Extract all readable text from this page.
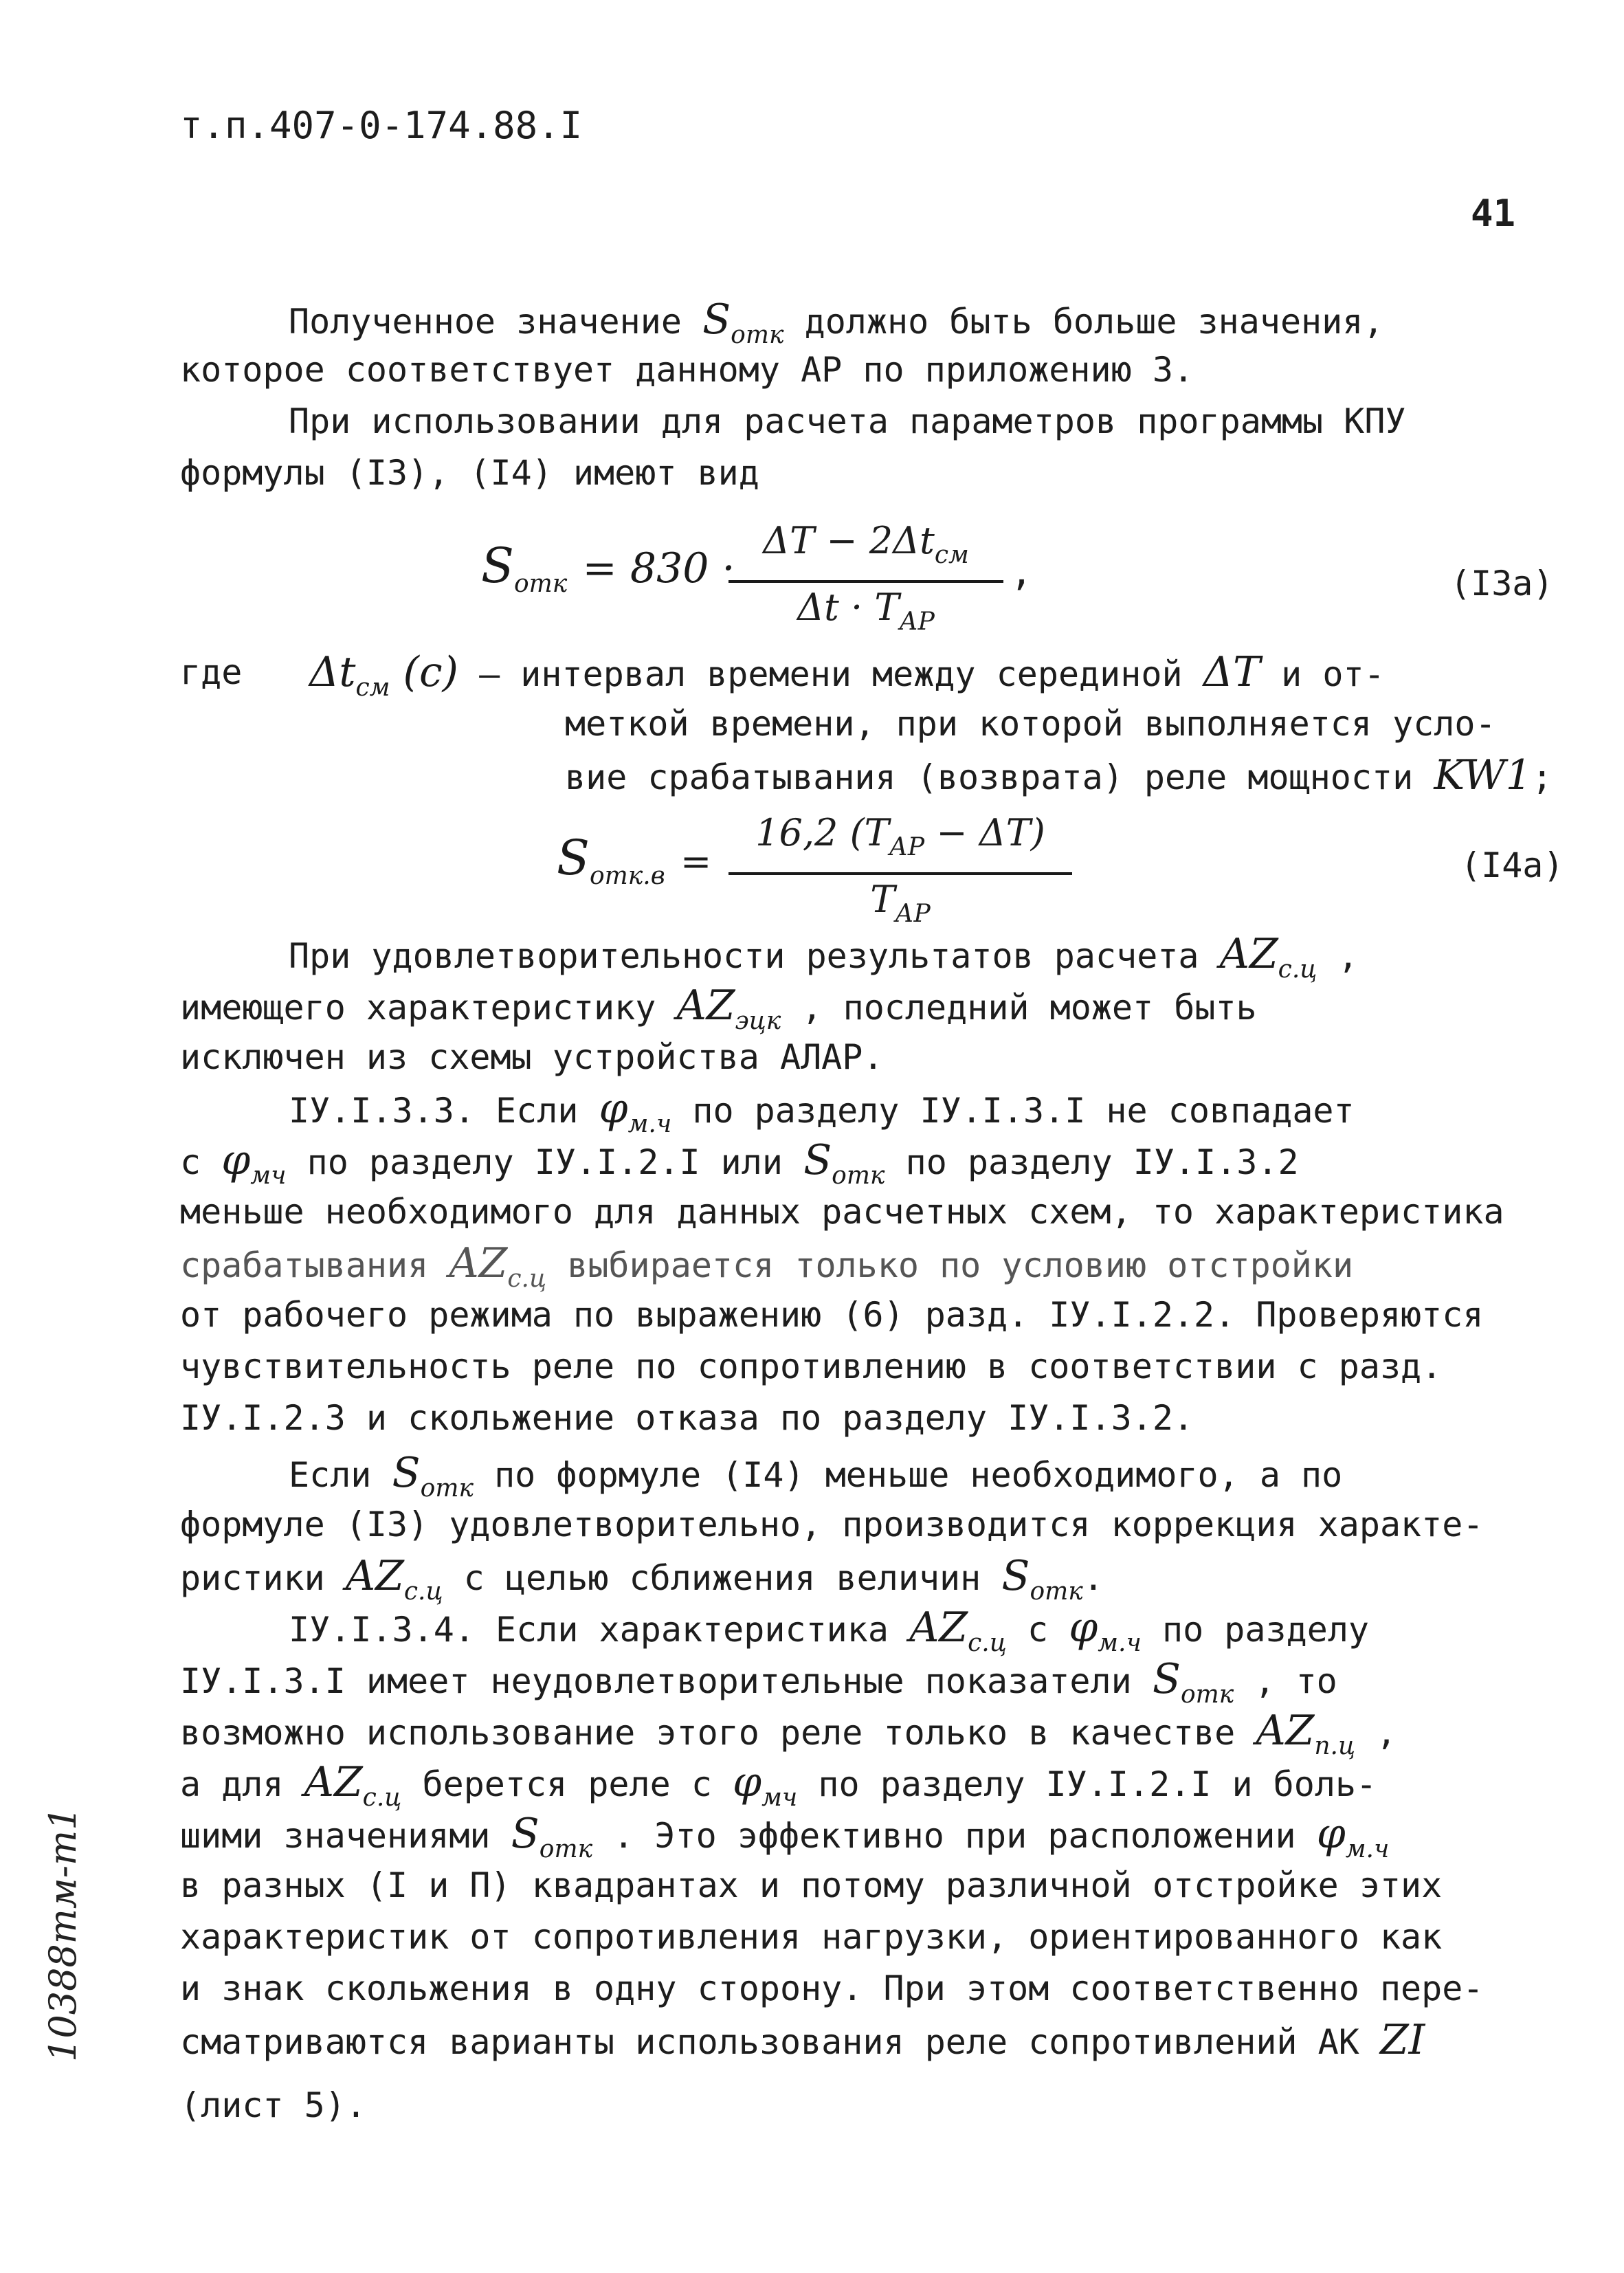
т.п.407-0-174.88.I
41
Полученное значение $S_{отк}$ должно быть больше значения,
которое соответствует данному АР по приложению 3.
При использовании для расчета параметров программы КПУ
формулы (I3), (I4) имеют вид
$S_{отк} = 830$ ·
$\Delta T - 2\Delta t_{см}$
$\Delta t \cdot T_{АР}$
,	(I3a)
где $\Delta t_{см}$ (с) – интервал времени между серединой ΔT и от-
меткой времени, при которой выполняется усло-
вие срабатывания (возврата) реле мощности KW1;
$S_{отк.в}$ =
16,2 $(T_{АР} - \Delta T)$
$T_{АР}$
(I4a)
При удовлетворительности результатов расчета $AZ_{с.ц}$ ,
имеющего характеристику $AZ_{эцк}$ , последний может быть
исключен из схемы устройства АЛАР.
IУ.I.3.3. Если $\varphi_{м.ч}$ по разделу IУ.I.3.I не совпадает
с $\varphi_{мч}$ по разделу IУ.I.2.I или $S_{отк}$ по разделу IУ.I.3.2
меньше необходимого для данных расчетных схем, то характеристика
срабатывания $AZ_{с.ц}$ выбирается только по условию отстройки
от рабочего режима по выражению (6) разд. IУ.I.2.2. Проверяются
чувствительность реле по сопротивлению в соответствии с разд.
IУ.I.2.3 и скольжение отказа по разделу IУ.I.3.2.
Если $S_{отк}$ по формуле (I4) меньше необходимого, а по
формуле (I3) удовлетворительно, производится коррекция характе-
ристики $AZ_{с.ц}$ с целью сближения величин $S_{отк}$.
IУ.I.3.4. Если характеристика $AZ_{с.ц}$ с $\varphi_{м.ч}$ по разделу
IУ.I.3.I имеет неудовлетворительные показатели $S_{отк}$ , то
возможно использование этого реле только в качестве $AZ_{п.ц}$ ,
а для $AZ_{с.ц}$ берется реле с $\varphi_{мч}$ по разделу IУ.I.2.I и боль-
шими значениями $S_{отк}$ . Это эффективно при расположении $\varphi_{м.ч}$
в разных (I и П) квадрантах и потому различной отстройке этих
характеристик от сопротивления нагрузки, ориентированного как
и знак скольжения в одну сторону. При этом соответственно пере-
сматриваются варианты использования реле сопротивлений АК ZI
(лист 5).
10388тм-т1
